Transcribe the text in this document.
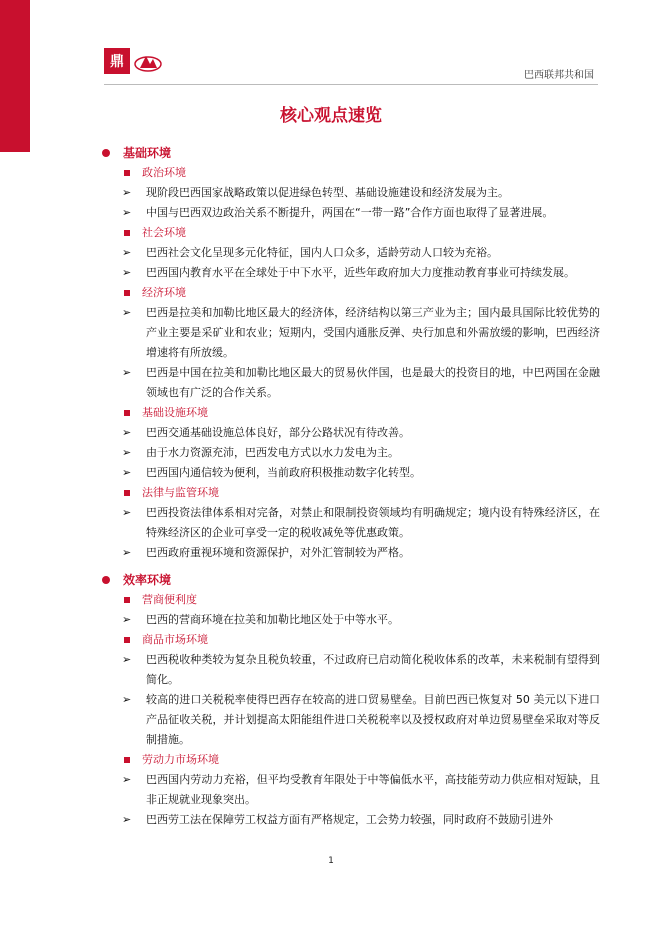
鼎
巴西联邦共和国
核心观点速览
基础环境
政治环境
➢	现阶段巴西国家战略政策以促进绿色转型、基础设施建设和经济发展为主。
➢	中国与巴西双边政治关系不断提升，两国在“一带一路”合作方面也取得了显著进展。
社会环境
➢	巴西社会文化呈现多元化特征，国内人口众多，适龄劳动人口较为充裕。
➢	巴西国内教育水平在全球处于中下水平，近些年政府加大力度推动教育事业可持续发展。
经济环境
➢	巴西是拉美和加勒比地区最大的经济体，经济结构以第三产业为主；国内最具国际比较优势的产业主要是采矿业和农业；短期内，受国内通胀反弹、央行加息和外需放缓的影响，巴西经济增速将有所放缓。
➢	巴西是中国在拉美和加勒比地区最大的贸易伙伴国，也是最大的投资目的地，中巴两国在金融领域也有广泛的合作关系。
基础设施环境
➢	巴西交通基础设施总体良好，部分公路状况有待改善。
➢	由于水力资源充沛，巴西发电方式以水力发电为主。
➢	巴西国内通信较为便利，当前政府积极推动数字化转型。
法律与监管环境
➢	巴西投资法律体系相对完备，对禁止和限制投资领域均有明确规定；境内设有特殊经济区，在特殊经济区的企业可享受一定的税收减免等优惠政策。
➢	巴西政府重视环境和资源保护，对外汇管制较为严格。
效率环境
营商便利度
➢	巴西的营商环境在拉美和加勒比地区处于中等水平。
商品市场环境
➢	巴西税收种类较为复杂且税负较重，不过政府已启动简化税收体系的改革，未来税制有望得到简化。
➢	较高的进口关税税率使得巴西存在较高的进口贸易壁垒。目前巴西已恢复对 50 美元以下进口产品征收关税，并计划提高太阳能组件进口关税税率以及授权政府对单边贸易壁垒采取对等反制措施。
劳动力市场环境
➢	巴西国内劳动力充裕，但平均受教育年限处于中等偏低水平，高技能劳动力供应相对短缺，且非正规就业现象突出。
➢	巴西劳工法在保障劳工权益方面有严格规定，工会势力较强，同时政府不鼓励引进外
1
